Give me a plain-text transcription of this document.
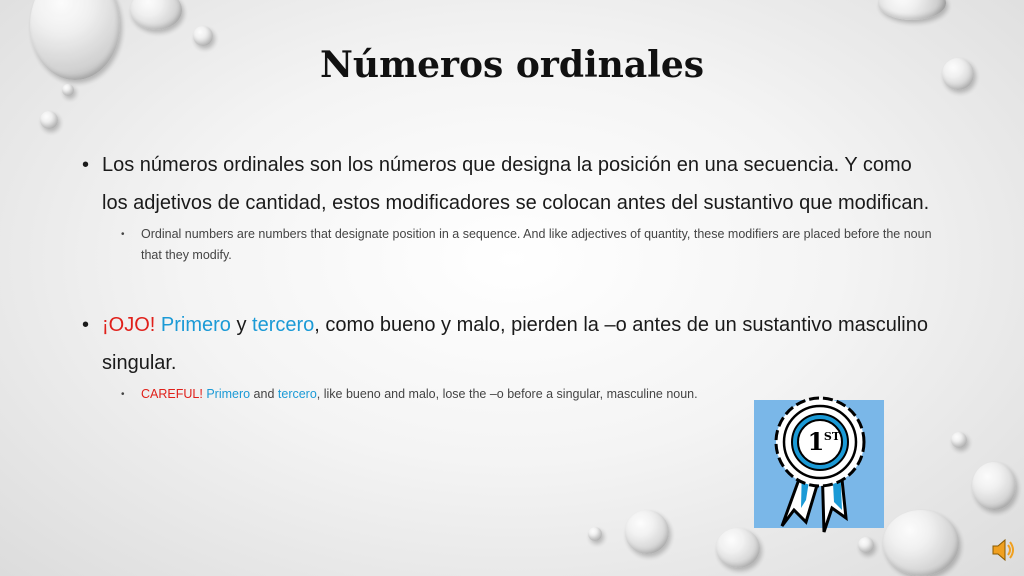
Números ordinales

• Los números ordinales son los números que designa la posición en una secuencia. Y como los adjetivos de cantidad, estos modificadores se colocan antes del sustantivo que modifican.

• Ordinal numbers are numbers that designate position in a sequence. And like adjectives of quantity, these modifiers are placed before the noun that they modify.

• ¡OJO! Primero y tercero, como bueno y malo, pierden la –o antes de un sustantivo masculino singular.

• CAREFUL! Primero and tercero, like bueno and malo, lose the –o before a singular, masculine noun.
1 ST
